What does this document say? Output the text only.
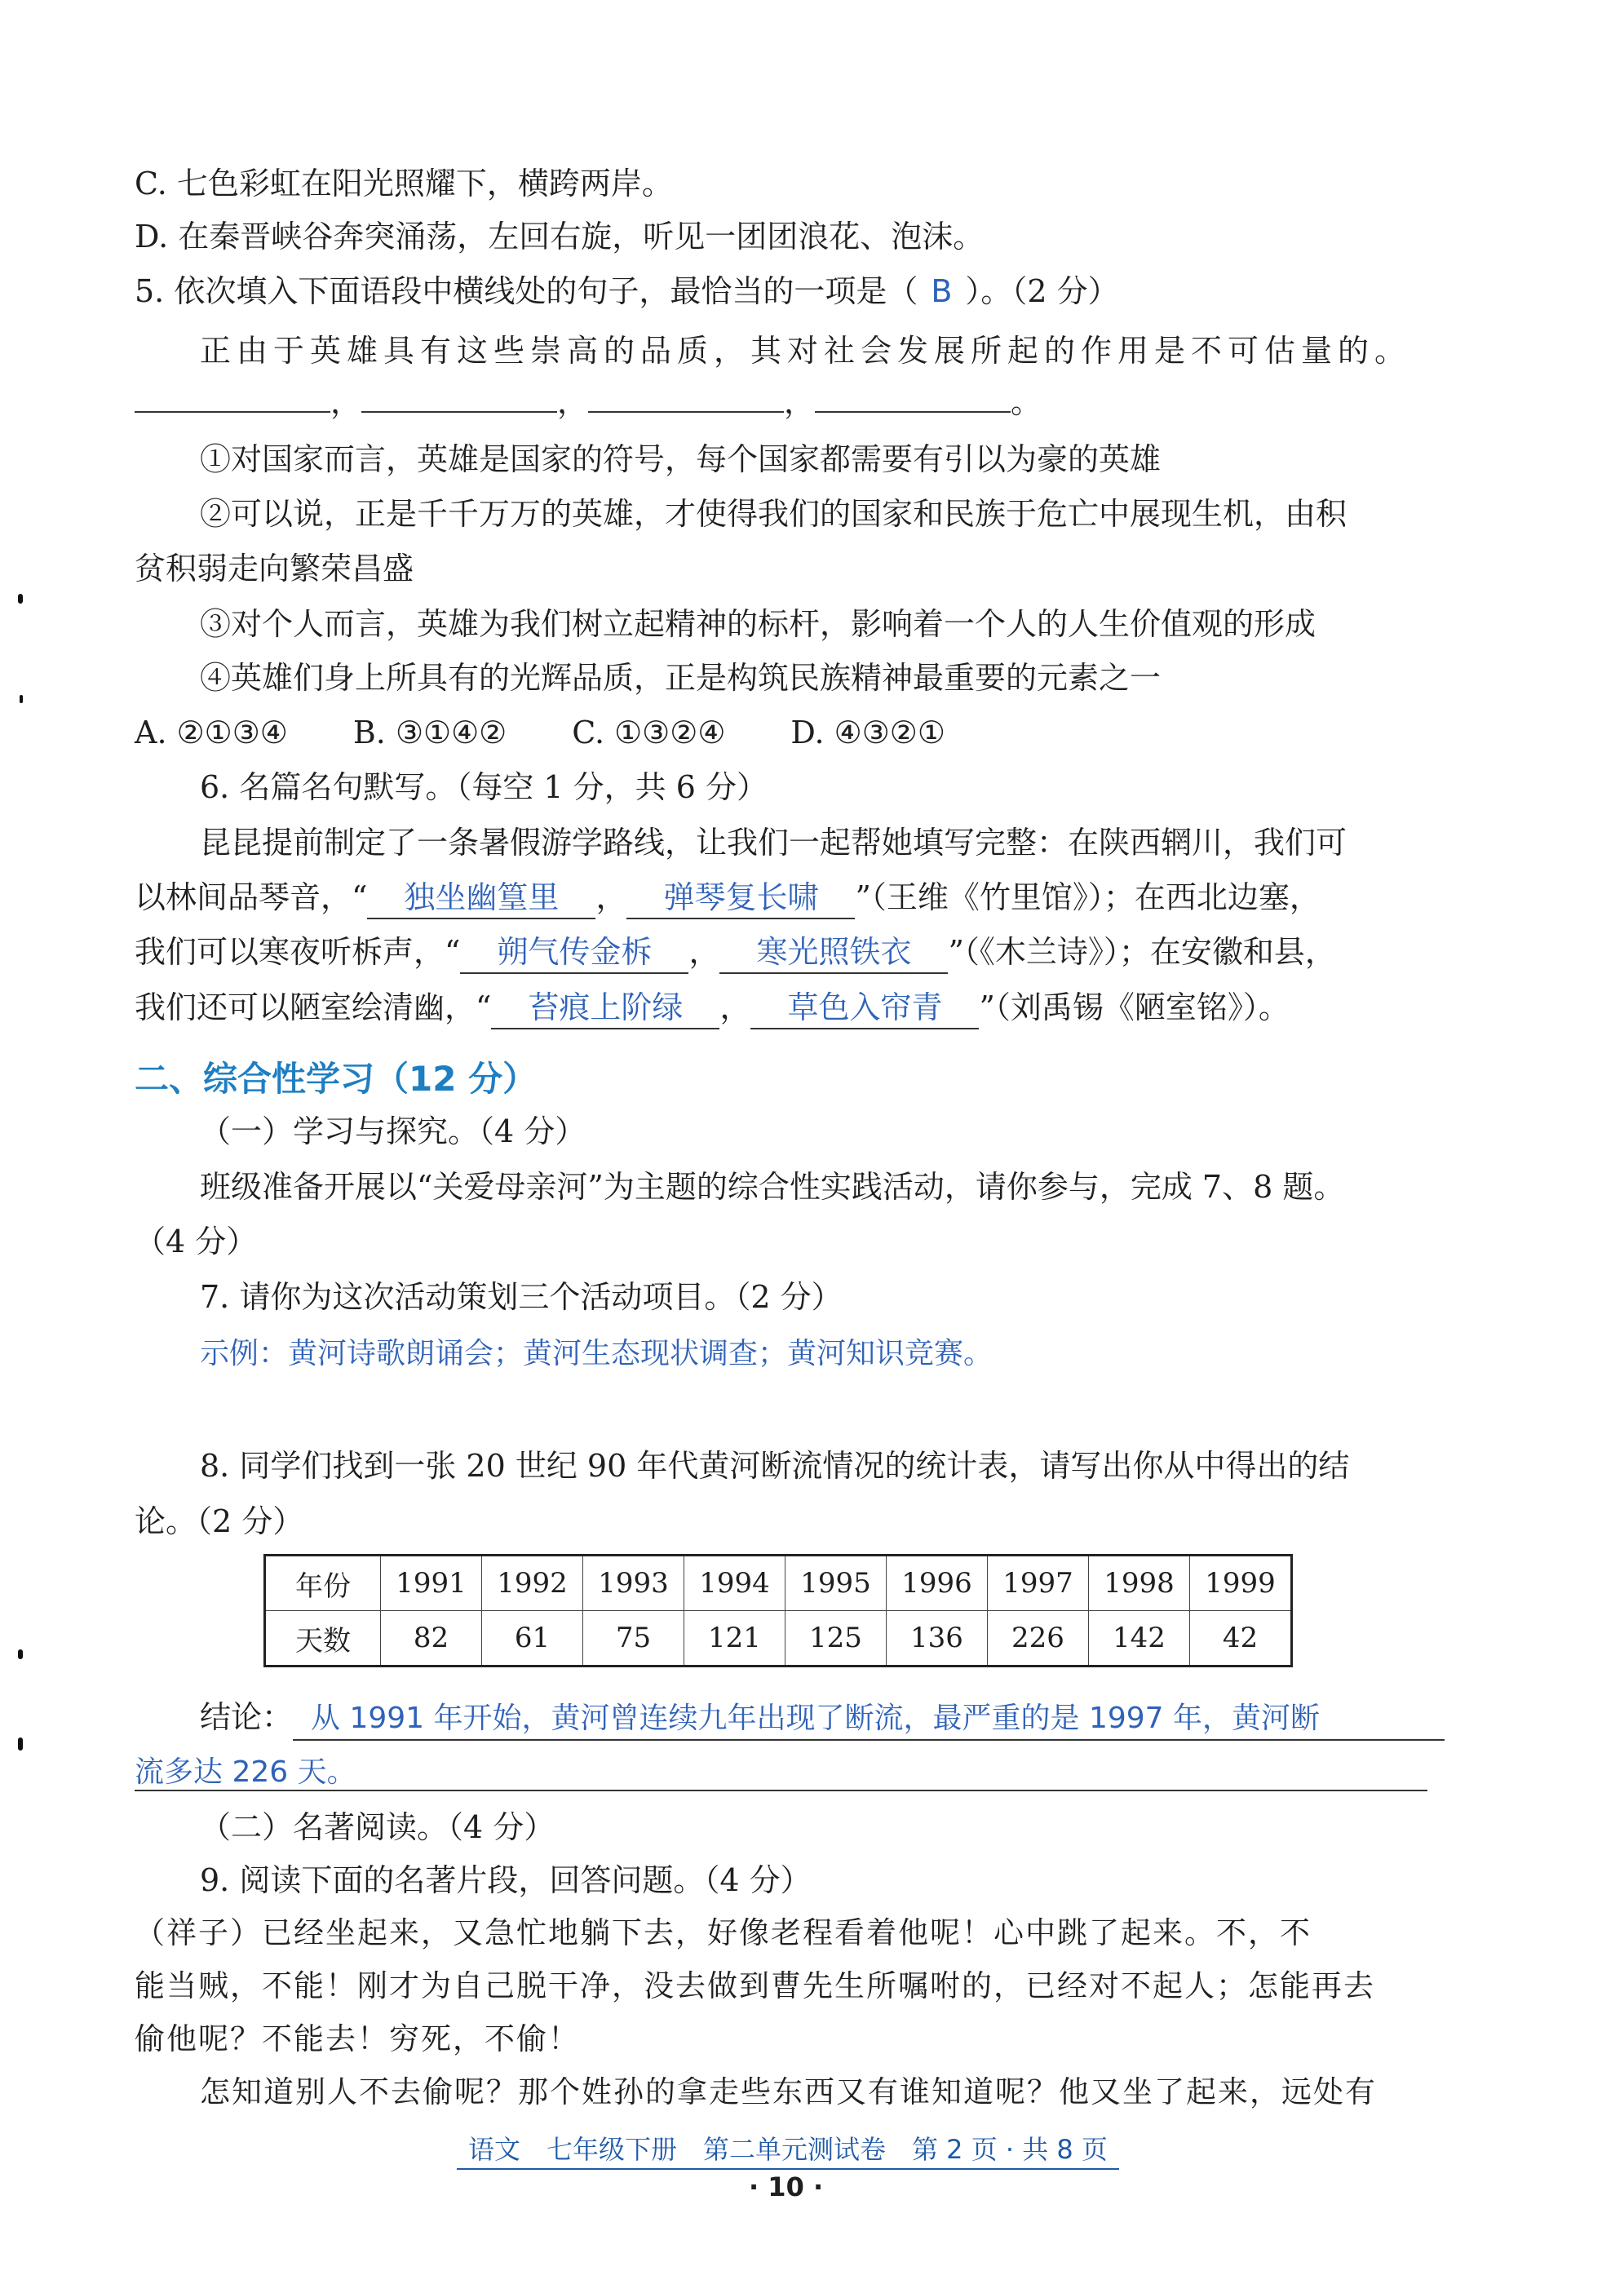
C. 七色彩虹在阳光照耀下，横跨两岸。
D. 在秦晋峡谷奔突涌荡，左回右旋，听见一团团浪花、泡沫。
5. 依次填入下面语段中横线处的句子，最恰当的一项是（ B ）。（2 分）
正由于英雄具有这些崇高的品质，其对社会发展所起的作用是不可估量的。
，	，	，	。
①对国家而言，英雄是国家的符号，每个国家都需要有引以为豪的英雄
②可以说，正是千千万万的英雄，才使得我们的国家和民族于危亡中展现生机，由积
贫积弱走向繁荣昌盛
③对个人而言，英雄为我们树立起精神的标杆，影响着一个人的人生价值观的形成
④英雄们身上所具有的光辉品质，正是构筑民族精神最重要的元素之一
A. ②①③④ B. ③①④② C. ①③②④ D. ④③②①
6. 名篇名句默写。（每空 1 分，共 6 分）
昆昆提前制定了一条暑假游学路线，让我们一起帮她填写完整：在陕西辋川，我们可
以林间品琴音，“ 独坐幽篁里 ， 弹琴复长啸 ”（王维《竹里馆》）；在西北边塞，
我们可以寒夜听柝声，“ 朔气传金柝 ， 寒光照铁衣 ”（《木兰诗》）；在安徽和县，
我们还可以陋室绘清幽，“ 苔痕上阶绿 ， 草色入帘青 ”（刘禹锡《陋室铭》）。
二、综合性学习（12 分）
（一）学习与探究。（4 分）
班级准备开展以“关爱母亲河”为主题的综合性实践活动，请你参与，完成 7、8 题。
（4 分）
7. 请你为这次活动策划三个活动项目。（2 分）
示例：黄河诗歌朗诵会；黄河生态现状调查；黄河知识竞赛。
8. 同学们找到一张 20 世纪 90 年代黄河断流情况的统计表，请写出你从中得出的结
论。（2 分）
年份	1991	1992	1993	1994	1995	1996	1997	1998	1999
天数	82	61	75	121	125	136	226	142	42
结论： 从 1991 年开始，黄河曾连续九年出现了断流，最严重的是 1997 年，黄河断
流多达 226 天。
（二）名著阅读。（4 分）
9. 阅读下面的名著片段，回答问题。（4 分）
（祥子）已经坐起来，又急忙地躺下去，好像老程看着他呢！心中跳了起来。不，不
能当贼，不能！刚才为自己脱干净，没去做到曹先生所嘱咐的，已经对不起人；怎能再去
偷他呢？不能去！穷死，不偷！
怎知道别人不去偷呢？那个姓孙的拿走些东西又有谁知道呢？他又坐了起来，远处有
语文　七年级下册　第二单元测试卷　第 2 页 · 共 8 页
· 10 ·
